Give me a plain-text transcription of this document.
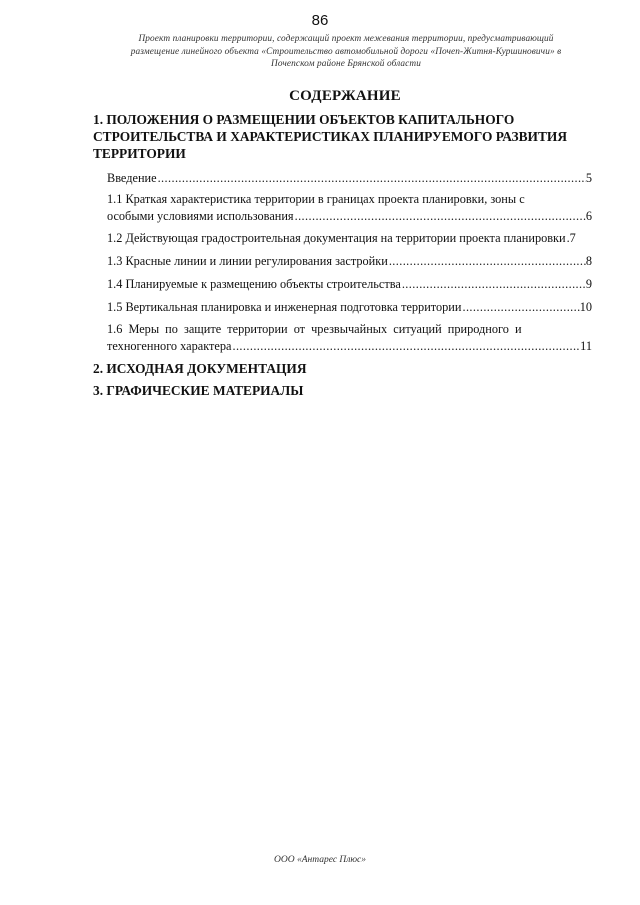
86
Проект планировки территории, содержащий проект межевания территории, предусматривающий
размещение линейного объекта «Строительство автомобильной дороги «Почеп-Житня-Куршиновичи» в
Почепском районе Брянской области
СОДЕРЖАНИЕ
1. ПОЛОЖЕНИЯ О РАЗМЕЩЕНИИ ОБЪЕКТОВ КАПИТАЛЬНОГО
СТРОИТЕЛЬСТВА И ХАРАКТЕРИСТИКАХ ПЛАНИРУЕМОГО РАЗВИТИЯ
ТЕРРИТОРИИ
Введение .....	5
1.1 Краткая характеристика территории в границах проекта планировки, зоны с
особыми условиями использования .....	6
1.2 Действующая градостроительная документация на территории проекта планировки ..... 7
1.3 Красные линии и линии регулирования застройки .....	8
1.4 Планируемые к размещению объекты строительства .....	9
1.5 Вертикальная планировка и инженерная подготовка территории .....	10
1.6 Меры по защите территории от чрезвычайных ситуаций природного и
техногенного характера .....	11
2. ИСХОДНАЯ ДОКУМЕНТАЦИЯ
3. ГРАФИЧЕСКИЕ МАТЕРИАЛЫ
ООО «Антарес Плюс»
